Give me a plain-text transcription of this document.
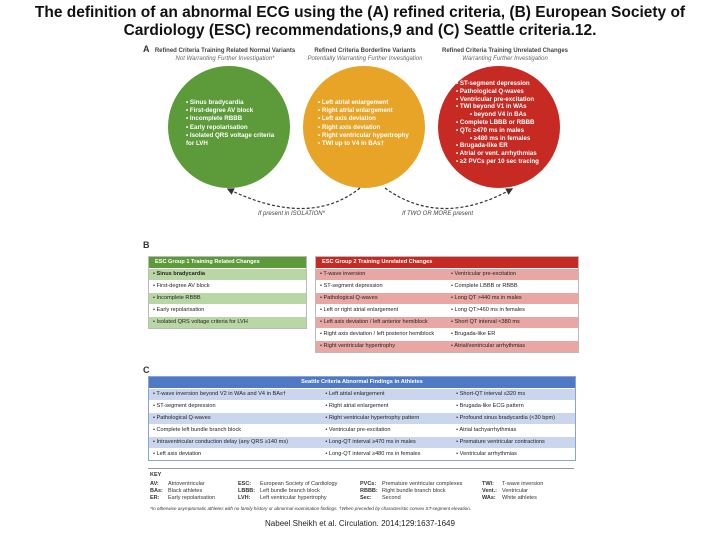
The definition of an abnormal ECG using the (A) refined criteria, (B) European Society of Cardiology (ESC) recommendations,9 and (C) Seattle criteria.12.
A Refined Criteria Training Related Normal Variants
Not Warranting Further Investigation*
Refined Criteria Borderline Variants
Potentially Warranting Further Investigation
Refined Criteria Training Unrelated Changes
Warranting Further Investigation
• Sinus bradycardia
• First-degree AV block
• Incomplete RBBB
• Early repolarisation
• Isolated QRS voltage criteria for LVH
• Left atrial enlargement
• Right atrial enlargement
• Left axis deviation
• Right axis deviation
• Right ventricular hypertrophy
• TWI up to V4 in BAs†
• ST-segment depression
• Pathological Q-waves
• Ventricular pre-excitation
• TWI beyond V1 in WAs
• beyond V4 in BAs
• Complete LBBB or RBBB
• QTc ≥470 ms in males
• ≥480 ms in females
• Brugada-like ER
• Atrial or vent. arrhythmias
• ≥2 PVCs per 10 sec tracing
If present in ISOLATION*	If TWO OR MORE present
B
ESC Group 1 Training Related Changes
• Sinus bradycardia
• First-degree AV block
• Incomplete RBBB
• Early repolarisation
• Isolated QRS voltage criteria for LVH
ESC Group 2 Training Unrelated Changes
• T-wave inversion	• Ventricular pre-excitation
• ST-segment depression	• Complete LBBB or RBBB
• Pathological Q-waves	• Long QT >440 ms in males
• Left or right atrial enlargement	• Long QT>460 ms in females
• Left axis deviation / left anterior hemiblock	• Short QT interval <380 ms
• Right axis deviation / left posterior hemiblock	• Brugada-like ER
• Right ventricular hypertrophy	• Atrial/ventricular arrhythmias
C
Seattle Criteria Abnormal Findings in Athletes
• T-wave inversion beyond V2 in WAs and V4 in BAs†	• Left atrial enlargement	• Short-QT interval ≤320 ms
• ST-segment depression	• Right atrial enlargement	• Brugada-like ECG pattern
• Pathological Q-waves	• Right ventricular hypertrophy pattern	• Profound sinus bradycardia (<30 bpm)
• Complete left bundle branch block	• Ventricular pre-excitation	• Atrial tachyarrhythmias
• Intraventricular conduction delay (any QRS ≥140 ms)	• Long-QT interval ≥470 ms in males	• Premature ventricular contractions
• Left axis deviation	• Long-QT interval ≥480 ms in females	• Ventricular arrhythmias
KEY
AV:	Atrioventricular	ESC:	European Society of Cardiology	PVCs:	Premature ventricular complexes	TWI:	T-wave inversion
BAs: Black athletes	LBBB: Left bundle branch block	RBBB: Right bundle branch block	Vent.: Ventricular
ER:	Early repolarisation	LVH:	Left ventricular hypertrophy	Sec:	Second	WAs:	White athletes
*In otherwise asymptomatic athletes with no family history or abnormal examination findings. †When preceded by characteristic convex ST-segment elevation.
Nabeel Sheikh et al. Circulation. 2014;129:1637-1649
